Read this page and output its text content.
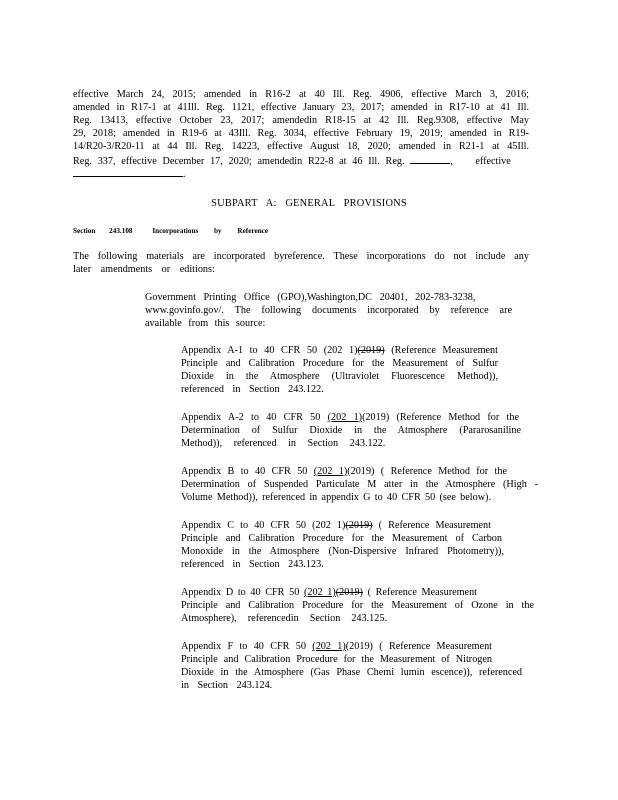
effective March 24, 2015; amended in R16-2 at 40 Ill. Reg. 4906, effective March 3, 2016;
amended in R17-1 at 41Ill. Reg. 1121, effective January 23, 2017; amended in R17-10 at 41 Ill.
Reg. 13413, effective October 23, 2017; amendedin R18-15 at 42 Ill. Reg.9308, effective May
29, 2018; amended in R19-6 at 43Ill. Reg. 3034, effective February 19, 2019; amended in R19-
14/R20-3/R20-11 at 44 Ill. Reg. 14223, effective August 18, 2020; amended in R21-1 at 45Ill.
Reg. 337, effective December 17, 2020; amendedin R22-8 at 46 Ill. Reg.	, effective
.
SUBPART A: GENERAL PROVISIONS
Section 243.108	Incorporations by Reference
The following materials are incorporated byreference. These incorporations do not include any
later amendments or editions:
Government Printing Office (GPO),Washington,DC 20401, 202-783-3238,
www.govinfo.gov/. The following documents incorporated by reference are
available from this source:
Appendix A-1 to 40 CFR 50 (202 1)(2019) (Reference Measurement
Principle and Calibration Procedure for the Measurement of Sulfur
Dioxide in the Atmosphere (Ultraviolet Fluorescence Method)),
referenced in Section 243.122.
Appendix A-2 to 40 CFR 50 (202 1)(2019) (Reference Method for the
Determination of Sulfur Dioxide in the Atmosphere (Pararosaniline
Method)), referenced in Section 243.122.
Appendix B to 40 CFR 50 (202 1)(2019) ( Reference Method for the
Determination of Suspended Particulate M atter in the Atmosphere (High -
Volume Method)), referenced in appendix G to 40 CFR 50 (see below).
Appendix C to 40 CFR 50 (202 1)(2019) ( Reference Measurement
Principle and Calibration Procedure for the Measurement of Carbon
Monoxide in the Atmosphere (Non-Dispersive Infrared Photometry)),
referenced in Section 243.123.
Appendix D to 40 CFR 50 (202 1)(2019) ( Reference Measurement
Principle and Calibration Procedure for the Measurement of Ozone in the
Atmosphere), referencedin Section 243.125.
Appendix F to 40 CFR 50 (202 1)(2019) ( Reference Measurement
Principle and Calibration Procedure for the Measurement of Nitrogen
Dioxide in the Atmosphere (Gas Phase Chemi lumin escence)), referenced
in Section 243.124.
